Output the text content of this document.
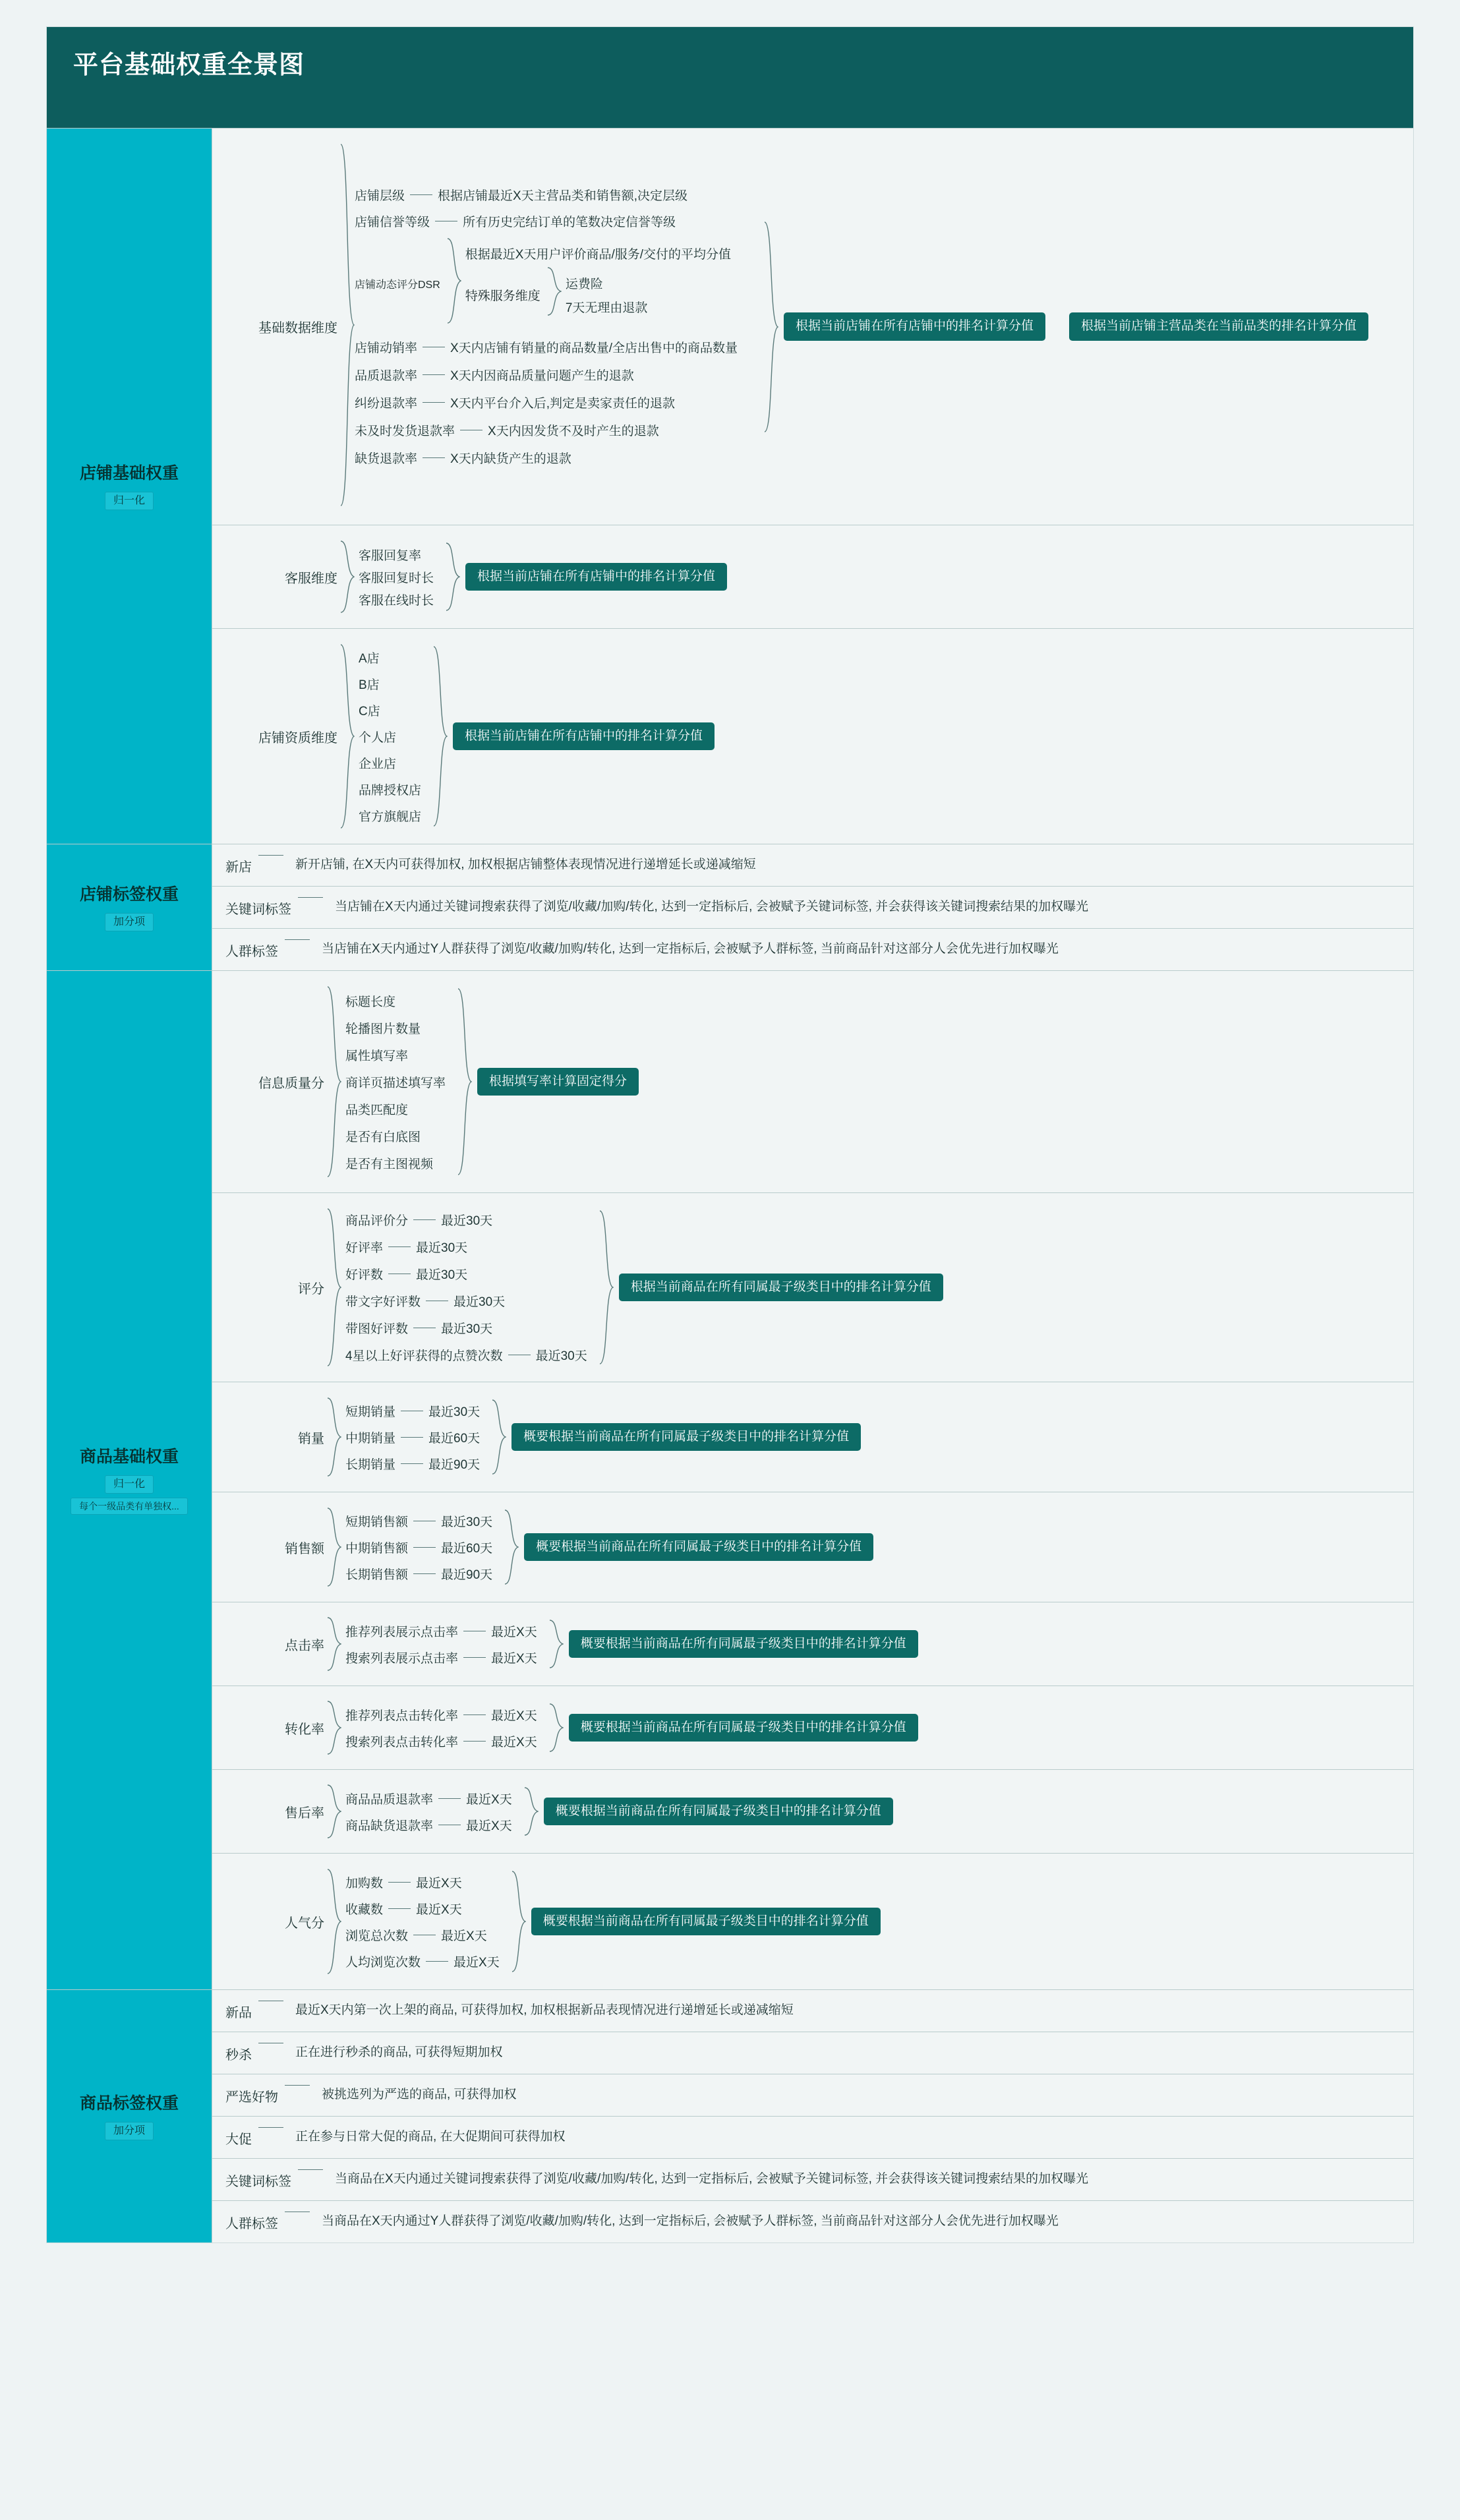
平台基础权重全景图
店铺基础权重
归一化
基础数据维度
店铺层级	根据店铺最近X天主营品类和销售额,决定层级
店铺信誉等级	所有历史完结订单的笔数决定信誉等级
店铺动态评分DSR
根据最近X天用户评价商品/服务/交付的平均分值
特殊服务维度
运费险
7天无理由退款
店铺动销率	X天内店铺有销量的商品数量/全店出售中的商品数量
品质退款率	X天内因商品质量问题产生的退款
纠纷退款率	X天内平台介入后,判定是卖家责任的退款
未及时发货退款率	X天内因发货不及时产生的退款
缺货退款率	X天内缺货产生的退款
根据当前店铺在所有店铺中的排名计算分值	根据当前店铺主营品类在当前品类的排名计算分值
客服维度
客服回复率
客服回复时长
客服在线时长
根据当前店铺在所有店铺中的排名计算分值
店铺资质维度
A店
B店
C店
个人店
企业店
品牌授权店
官方旗舰店
根据当前店铺在所有店铺中的排名计算分值
店铺标签权重
加分项
新店	新开店铺, 在X天内可获得加权, 加权根据店铺整体表现情况进行递增延长或递减缩短
关键词标签	当店铺在X天内通过关键词搜索获得了浏览/收藏/加购/转化, 达到一定指标后, 会被赋予关键词标签, 并会获得该关键词搜索结果的加权曝光
人群标签	当店铺在X天内通过Y人群获得了浏览/收藏/加购/转化, 达到一定指标后, 会被赋予人群标签, 当前商品针对这部分人会优先进行加权曝光
商品基础权重
归一化
每个一级品类有单独权...
信息质量分
标题长度
轮播图片数量
属性填写率
商详页描述填写率
品类匹配度
是否有白底图
是否有主图视频
根据填写率计算固定得分
评分
商品评价分	最近30天
好评率	最近30天
好评数	最近30天
带文字好评数	最近30天
带图好评数	最近30天
4星以上好评获得的点赞次数	最近30天
根据当前商品在所有同属最子级类目中的排名计算分值
销量
短期销量	最近30天
中期销量	最近60天
长期销量	最近90天
概要根据当前商品在所有同属最子级类目中的排名计算分值
销售额
短期销售额	最近30天
中期销售额	最近60天
长期销售额	最近90天
概要根据当前商品在所有同属最子级类目中的排名计算分值
点击率
推荐列表展示点击率	最近X天
搜索列表展示点击率	最近X天
概要根据当前商品在所有同属最子级类目中的排名计算分值
转化率
推荐列表点击转化率	最近X天
搜索列表点击转化率	最近X天
概要根据当前商品在所有同属最子级类目中的排名计算分值
售后率
商品品质退款率	最近X天
商品缺货退款率	最近X天
概要根据当前商品在所有同属最子级类目中的排名计算分值
人气分
加购数	最近X天
收藏数	最近X天
浏览总次数	最近X天
人均浏览次数	最近X天
概要根据当前商品在所有同属最子级类目中的排名计算分值
商品标签权重
加分项
新品	最近X天内第一次上架的商品, 可获得加权, 加权根据新品表现情况进行递增延长或递减缩短
秒杀	正在进行秒杀的商品, 可获得短期加权
严选好物	被挑选列为严选的商品, 可获得加权
大促	正在参与日常大促的商品, 在大促期间可获得加权
关键词标签	当商品在X天内通过关键词搜索获得了浏览/收藏/加购/转化, 达到一定指标后, 会被赋予关键词标签, 并会获得该关键词搜索结果的加权曝光
人群标签	当商品在X天内通过Y人群获得了浏览/收藏/加购/转化, 达到一定指标后, 会被赋予人群标签, 当前商品针对这部分人会优先进行加权曝光
